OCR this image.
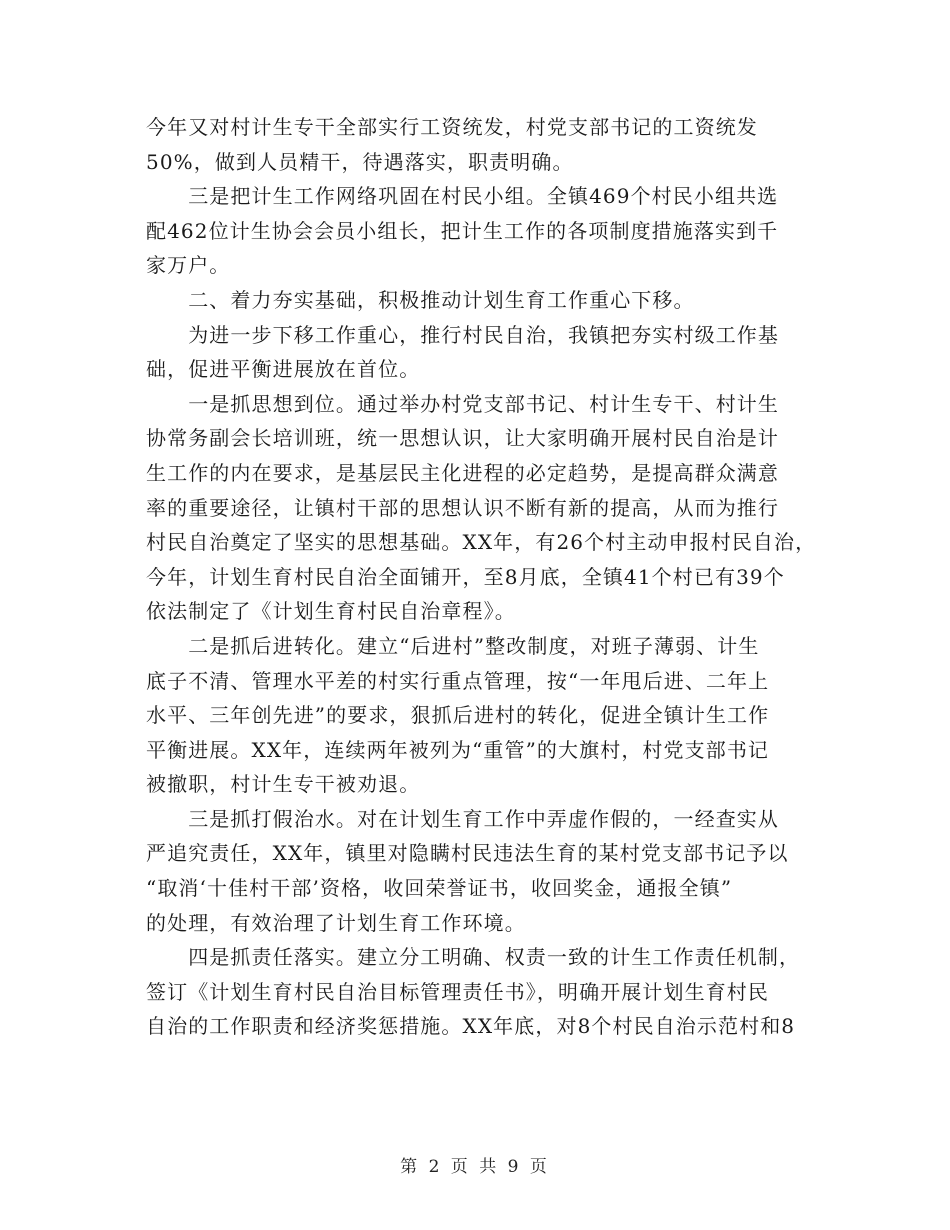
今年又对村计生专干全部实行工资统发，村党支部书记的工资统发
50%，做到人员精干，待遇落实，职责明确。
　　三是把计生工作网络巩固在村民小组。全镇469个村民小组共选
配462位计生协会会员小组长，把计生工作的各项制度措施落实到千
家万户。
　　二、着力夯实基础，积极推动计划生育工作重心下移。
　　为进一步下移工作重心，推行村民自治，我镇把夯实村级工作基
础，促进平衡进展放在首位。
　　一是抓思想到位。通过举办村党支部书记、村计生专干、村计生
协常务副会长培训班，统一思想认识，让大家明确开展村民自治是计
生工作的内在要求，是基层民主化进程的必定趋势，是提高群众满意
率的重要途径，让镇村干部的思想认识不断有新的提高，从而为推行
村民自治奠定了坚实的思想基础。XX年，有26个村主动申报村民自治，
今年，计划生育村民自治全面铺开，至8月底，全镇41个村已有39个
依法制定了《计划生育村民自治章程》。
　　二是抓后进转化。建立“后进村”整改制度，对班子薄弱、计生
底子不清、管理水平差的村实行重点管理，按“一年甩后进、二年上
水平、三年创先进”的要求，狠抓后进村的转化，促进全镇计生工作
平衡进展。XX年，连续两年被列为“重管”的大旗村，村党支部书记
被撤职，村计生专干被劝退。
　　三是抓打假治水。对在计划生育工作中弄虚作假的，一经查实从
严追究责任，XX年，镇里对隐瞒村民违法生育的某村党支部书记予以
“取消‘十佳村干部’资格，收回荣誉证书，收回奖金，通报全镇”
的处理，有效治理了计划生育工作环境。
　　四是抓责任落实。建立分工明确、权责一致的计生工作责任机制，
签订《计划生育村民自治目标管理责任书》，明确开展计划生育村民
自治的工作职责和经济奖惩措施。XX年底，对8个村民自治示范村和8
第 2 页 共 9 页
